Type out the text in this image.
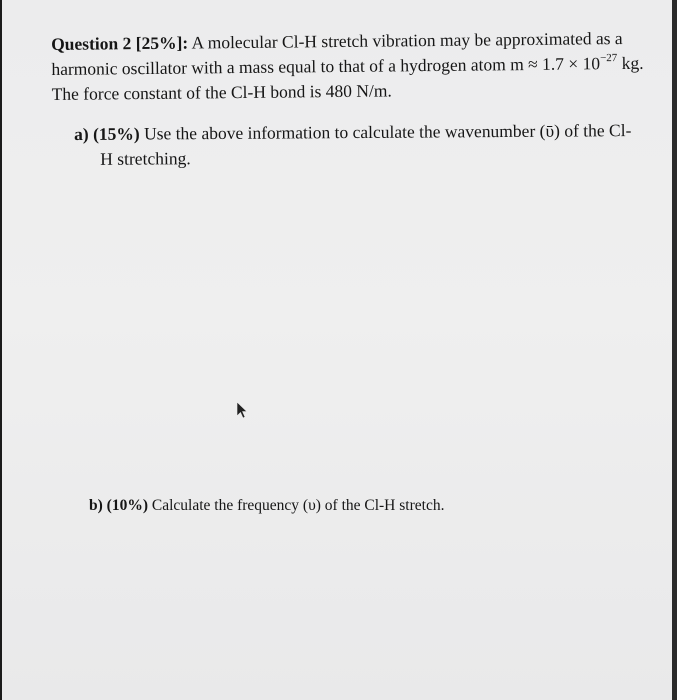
Question 2 [25%]: A molecular Cl-H stretch vibration may be approximated as a
harmonic oscillator with a mass equal to that of a hydrogen atom $m \approx 1.7 \times 10^{-27}$ kg.
The force constant of the Cl-H bond is 480 N/m.
a) (15%) Use the above information to calculate the wavenumber (ῡ) of the Cl-
H stretching.
b) (10%) Calculate the frequency (υ) of the Cl-H stretch.
